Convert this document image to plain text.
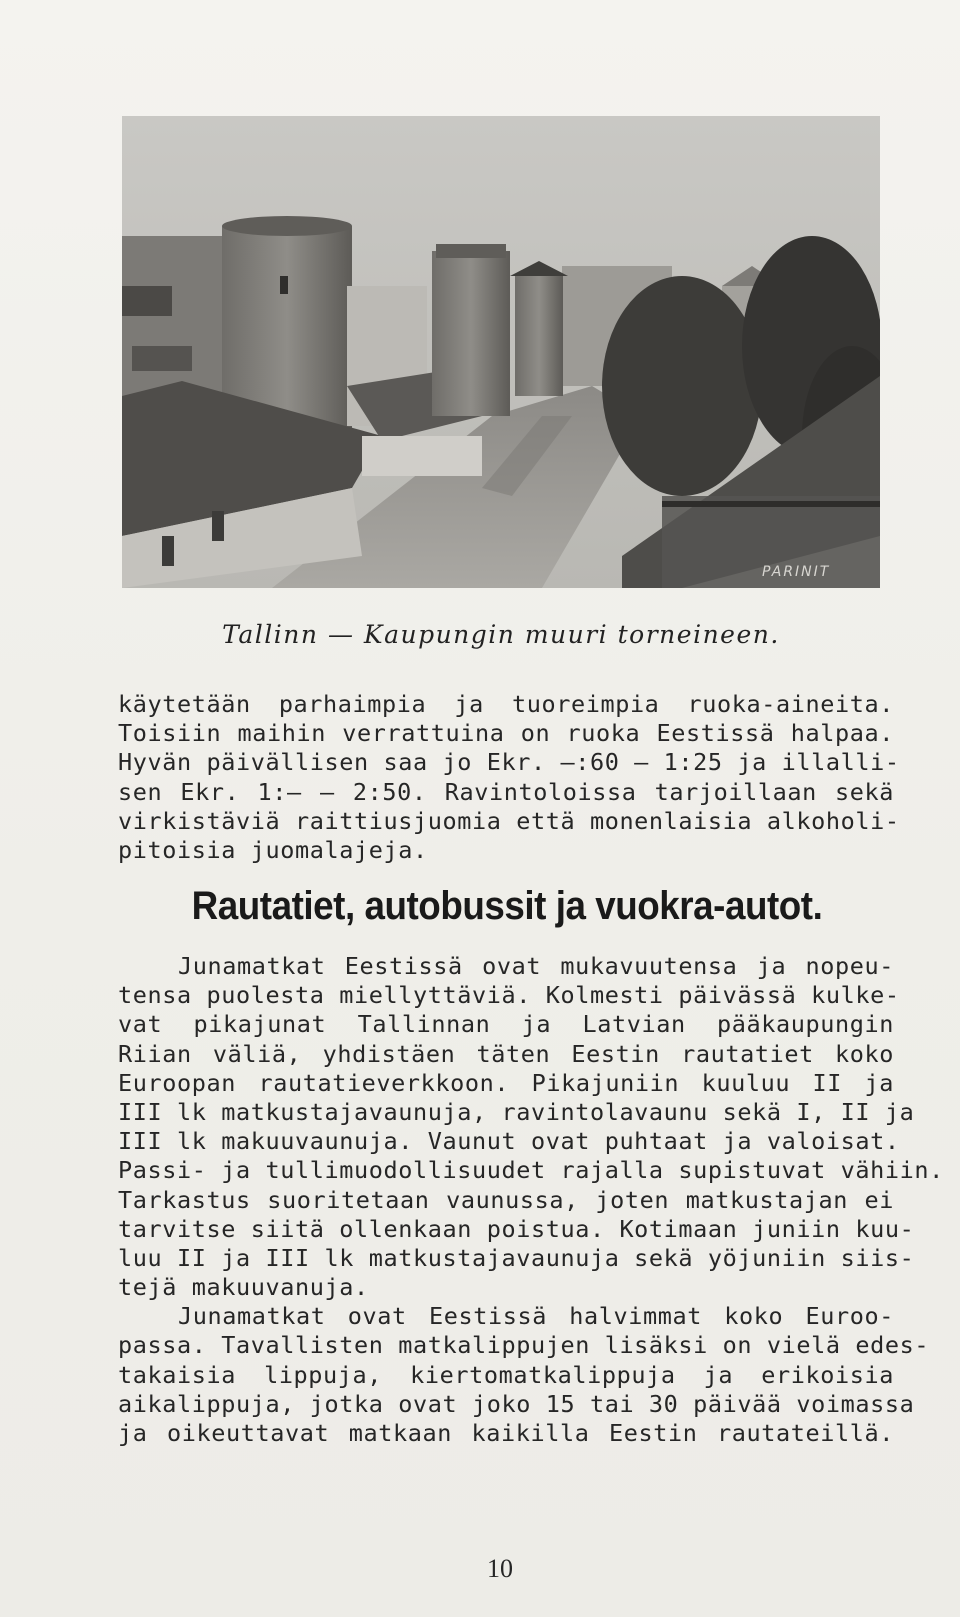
PARINIT
Tallinn — Kaupungin muuri torneineen.
käytetään parhaimpia ja tuoreimpia ruoka-aineita.
Toisiin maihin verrattuina on ruoka Eestissä halpaa.
Hyvän päivällisen saa jo Ekr. —:60 — 1:25 ja illalli-
sen Ekr. 1:— — 2:50. Ravintoloissa tarjoillaan sekä
virkistäviä raittiusjuomia että monenlaisia alkoholi-
pitoisia juomalajeja.
Rautatiet, autobussit ja vuokra-autot.
Junamatkat Eestissä ovat mukavuutensa ja nopeu-
tensa puolesta miellyttäviä. Kolmesti päivässä kulke-
vat pikajunat Tallinnan ja Latvian pääkaupungin
Riian väliä, yhdistäen täten Eestin rautatiet koko
Euroopan rautatieverkkoon. Pikajuniin kuuluu II ja
III lk matkustajavaunuja, ravintolavaunu sekä I, II ja
III lk makuuvaunuja. Vaunut ovat puhtaat ja valoisat.
Passi- ja tullimuodollisuudet rajalla supistuvat vähiin.
Tarkastus suoritetaan vaunussa, joten matkustajan ei
tarvitse siitä ollenkaan poistua. Kotimaan juniin kuu-
luu II ja III lk matkustajavaunuja sekä yöjuniin siis-
tejä makuuvanuja.
Junamatkat ovat Eestissä halvimmat koko Euroo-
passa. Tavallisten matkalippujen lisäksi on vielä edes-
takaisia lippuja, kiertomatkalippuja ja erikoisia
aikalippuja, jotka ovat joko 15 tai 30 päivää voimassa
ja oikeuttavat matkaan kaikilla Eestin rautateillä.
10
